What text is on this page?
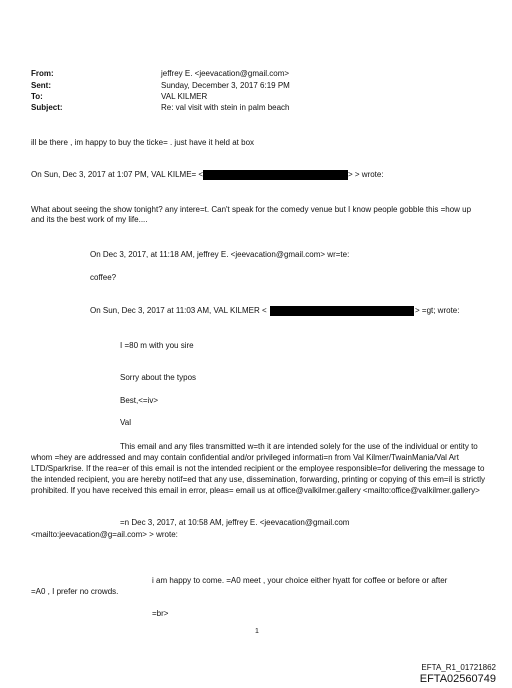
From:	jeffrey E. <jeevacation@gmail.com>
Sent:	Sunday, December 3, 2017 6:19 PM
To:	VAL KILMER
Subject:	Re: val visit with stein in palm beach
ill be there , im happy to buy the ticke= . just have it held at box
On Sun, Dec 3, 2017 at 1:07 PM, VAL KILME= <	> > wrote:
What about seeing the show tonight? any intere=t. Can't speak for the comedy venue but I know people gobble this =how up and its the best work of my life....
On Dec 3, 2017, at 11:18 AM, jeffrey E. <jeevacation@gmail.com> wr=te:
coffee?
On Sun, Dec 3, 2017 at 11:03 AM, VAL KILMER <	> =gt; wrote:
I =80 m with you sire
Sorry about the typos
Best,<=iv>
Val
This email and any files transmitted w=th it are intended solely for the use of the individual or entity to whom =hey are addressed and may contain confidential and/or privileged informati=n from Val Kilmer/TwainMania/Val Art LTD/Sparkrise. If the rea=er of this email is not the intended recipient or the employee responsible=for delivering the message to the intended recipient, you are hereby notif=ed that any use, dissemination, forwarding, printing or copying of this em=il is strictly prohibited. If you have received this email in error, pleas= email us at office@valkilmer.gallery <mailto:office@valkilmer.gallery>
=n Dec 3, 2017, at 10:58 AM, jeffrey E. <jeevacation@gmail.com
<mailto:jeevacation@g=ail.com> > wrote:
i am happy to come. =A0 meet , your choice either hyatt for coffee or before or after
=A0 , I prefer no crowds.
=br>
1
EFTA_R1_01721862
EFTA02560749
